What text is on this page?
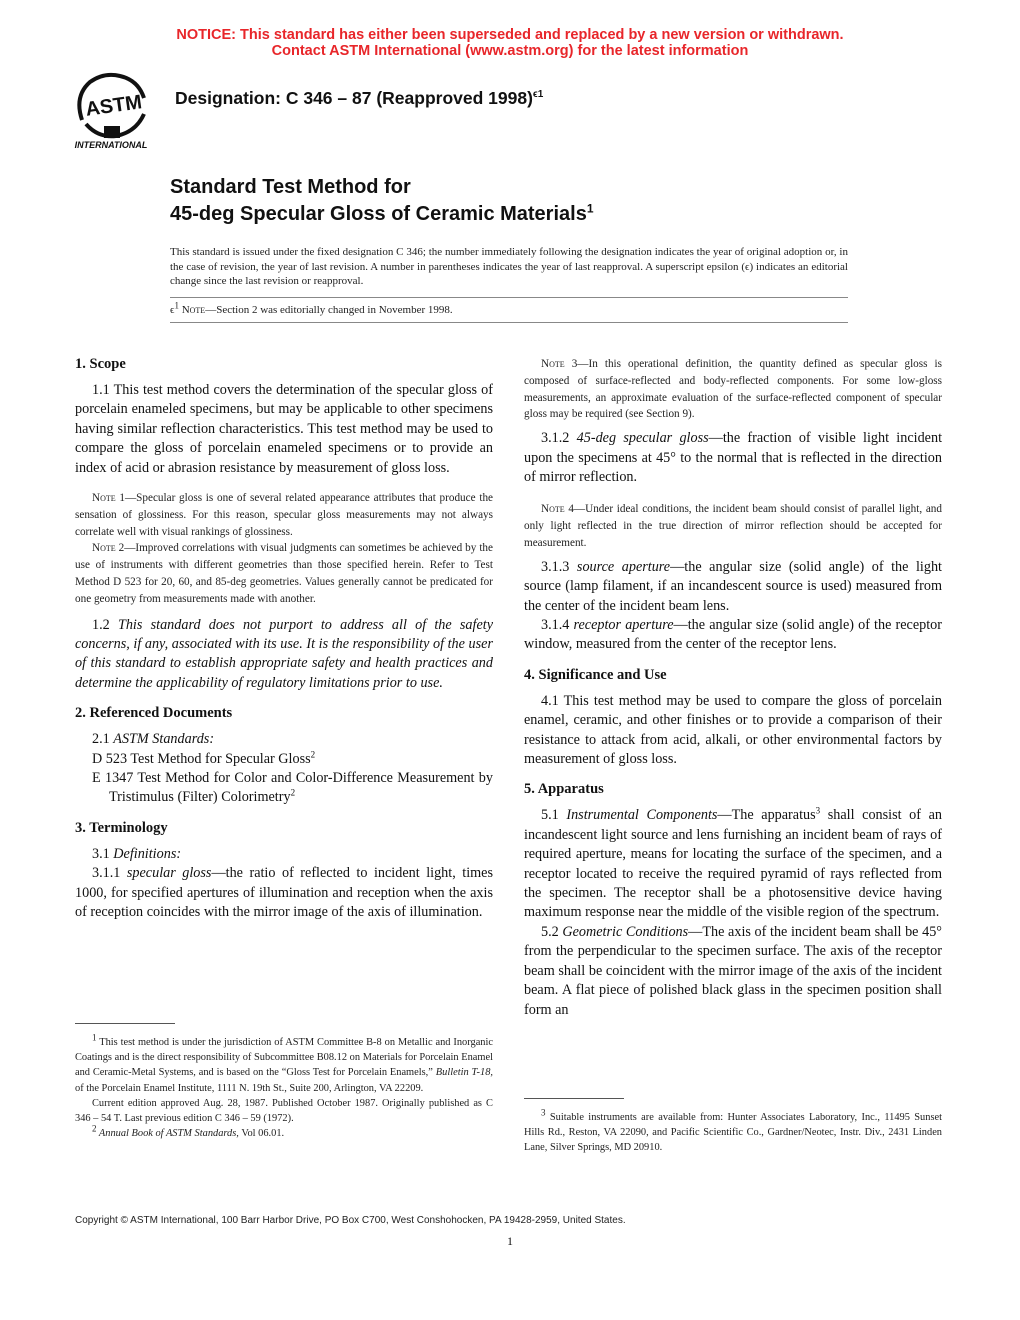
NOTICE: This standard has either been superseded and replaced by a new version or withdrawn.
Contact ASTM International (www.astm.org) for the latest information
ASTM
INTERNATIONAL
Designation: C 346 – 87 (Reapproved 1998)$^{\epsilon 1}$
Standard Test Method for
45-deg Specular Gloss of Ceramic Materials$^1$
This standard is issued under the fixed designation C 346; the number immediately following the designation indicates the year of original adoption or, in the case of revision, the year of last revision. A number in parentheses indicates the year of last reapproval. A superscript epsilon (ϵ) indicates an editorial change since the last revision or reapproval.
$\epsilon^1$ Note—Section 2 was editorially changed in November 1998.
1. Scope

1.1 This test method covers the determination of the specular gloss of porcelain enameled specimens, but may be applicable to other specimens having similar reflection characteristics. This test method may be used to compare the gloss of porcelain enameled specimens or to provide an index of acid or abrasion resistance by measurement of gloss loss.

Note 1—Specular gloss is one of several related appearance attributes that produce the sensation of glossiness. For this reason, specular gloss measurements may not always correlate well with visual rankings of glossiness.

Note 2—Improved correlations with visual judgments can sometimes be achieved by the use of instruments with different geometries than those specified herein. Refer to Test Method D 523 for 20, 60, and 85-deg geometries. Values generally cannot be predicated for one geometry from measurements made with another.

1.2 This standard does not purport to address all of the safety concerns, if any, associated with its use. It is the responsibility of the user of this standard to establish appropriate safety and health practices and determine the applicability of regulatory limitations prior to use.

2. Referenced Documents

2.1 ASTM Standards:

D 523 Test Method for Specular Gloss$^2$

E 1347 Test Method for Color and Color-Difference Measurement by Tristimulus (Filter) Colorimetry$^2$

3. Terminology

3.1 Definitions:

3.1.1 specular gloss—the ratio of reflected to incident light, times 1000, for specified apertures of illumination and reception when the axis of reception coincides with the mirror image of the axis of illumination.

Note 3—In this operational definition, the quantity defined as specular gloss is composed of surface-reflected and body-reflected components. For some low-gloss measurements, an approximate evaluation of the surface-reflected component of specular gloss may be required (see Section 9).

3.1.2 45-deg specular gloss—the fraction of visible light incident upon the specimens at 45° to the normal that is reflected in the direction of mirror reflection.

Note 4—Under ideal conditions, the incident beam should consist of parallel light, and only light reflected in the true direction of mirror reflection should be accepted for measurement.

3.1.3 source aperture—the angular size (solid angle) of the light source (lamp filament, if an incandescent source is used) measured from the center of the incident beam lens.

3.1.4 receptor aperture—the angular size (solid angle) of the receptor window, measured from the center of the receptor lens.

4. Significance and Use

4.1 This test method may be used to compare the gloss of porcelain enamel, ceramic, and other finishes or to provide a comparison of their resistance to attack from acid, alkali, or other environmental factors by measurement of gloss loss.

5. Apparatus

5.1 Instrumental Components—The apparatus$^3$ shall consist of an incandescent light source and lens furnishing an incident beam of rays of required aperture, means for locating the surface of the specimen, and a receptor located to receive the required pyramid of rays reflected from the specimen. The receptor shall be a photosensitive device having maximum response near the middle of the visible region of the spectrum.

5.2 Geometric Conditions—The axis of the incident beam shall be 45° from the perpendicular to the specimen surface. The axis of the receptor beam shall be coincident with the mirror image of the axis of the incident beam. A flat piece of polished black glass in the specimen position shall form an

$^1$ This test method is under the jurisdiction of ASTM Committee B-8 on Metallic and Inorganic Coatings and is the direct responsibility of Subcommittee B08.12 on Materials for Porcelain Enamel and Ceramic-Metal Systems, and is based on the “Gloss Test for Porcelain Enamels,” Bulletin T-18, of the Porcelain Enamel Institute, 1111 N. 19th St., Suite 200, Arlington, VA 22209.

Current edition approved Aug. 28, 1987. Published October 1987. Originally published as C 346 – 54 T. Last previous edition C 346 – 59 (1972).

$^2$ Annual Book of ASTM Standards, Vol 06.01.

$^3$ Suitable instruments are available from: Hunter Associates Laboratory, Inc., 11495 Sunset Hills Rd., Reston, VA 22090, and Pacific Scientific Co., Gardner/Neotec, Instr. Div., 2431 Linden Lane, Silver Springs, MD 20910.

Copyright © ASTM International, 100 Barr Harbor Drive, PO Box C700, West Conshohocken, PA 19428-2959, United States.
1
